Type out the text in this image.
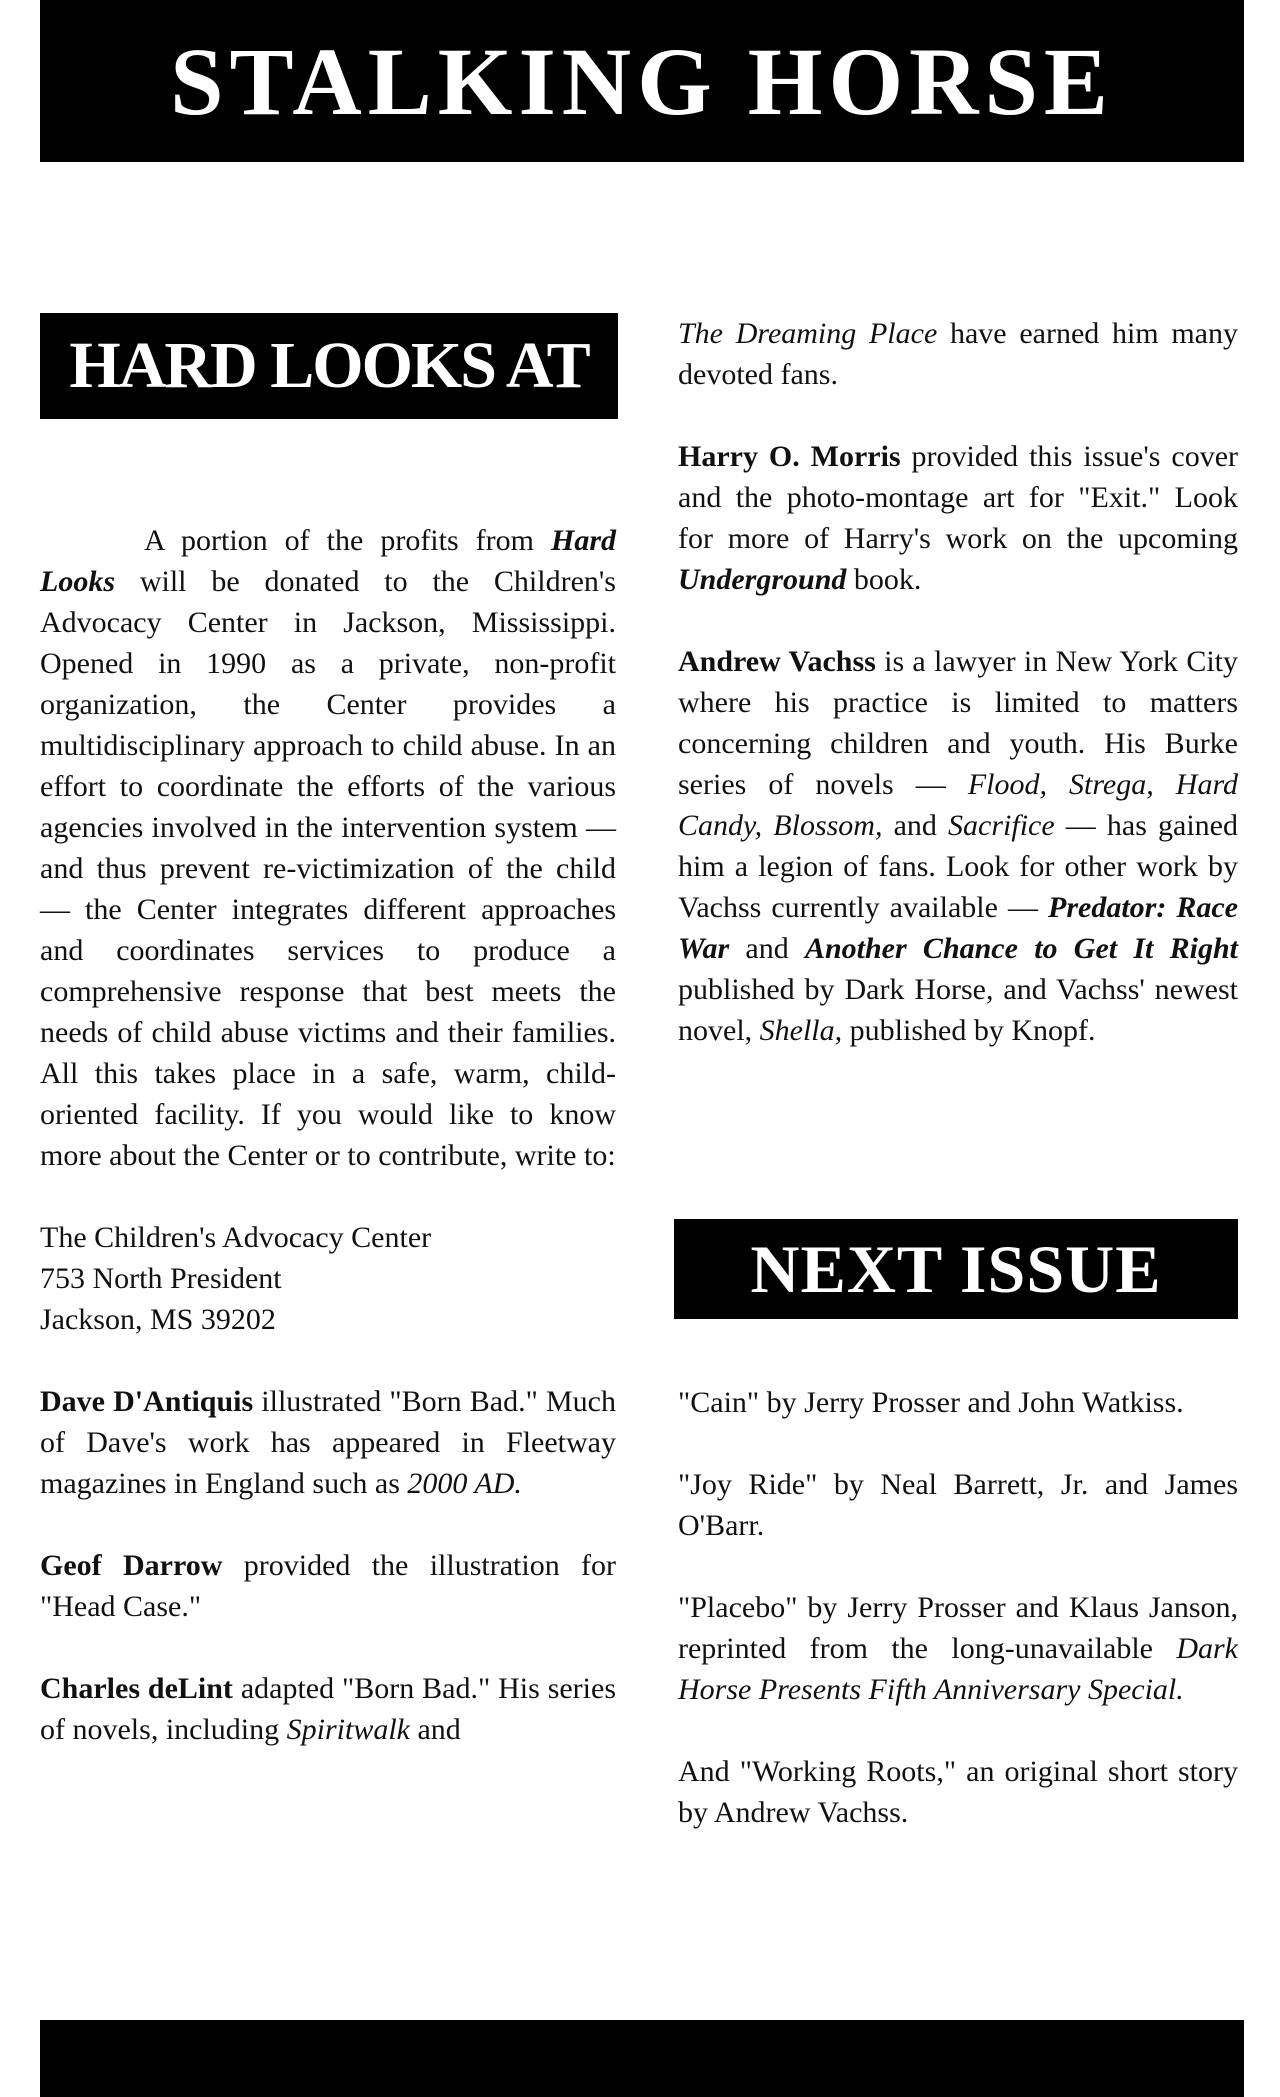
STALKING HORSE
HARD LOOKS AT

A portion of the profits from Hard Looks will be donated to the Children's Advocacy Center in Jackson, Mississippi. Opened in 1990 as a private, non-profit organization, the Center provides a multidisciplinary approach to child abuse. In an effort to coordinate the efforts of the various agencies involved in the intervention system — and thus prevent re-victimization of the child — the Center integrates different approaches and coordinates services to produce a comprehensive response that best meets the needs of child abuse victims and their families. All this takes place in a safe, warm, child-oriented facility. If you would like to know more about the Center or to contribute, write to:

The Children's Advocacy Center
753 North President
Jackson, MS 39202

Dave D'Antiquis illustrated "Born Bad." Much of Dave's work has appeared in Fleetway magazines in England such as 2000 AD.

Geof Darrow provided the illustration for "Head Case."

Charles deLint adapted "Born Bad." His series of novels, including Spiritwalk and

The Dreaming Place have earned him many devoted fans.

Harry O. Morris provided this issue's cover and the photo-montage art for "Exit." Look for more of Harry's work on the upcoming Underground book.

Andrew Vachss is a lawyer in New York City where his practice is limited to matters concerning children and youth. His Burke series of novels — Flood, Strega, Hard Candy, Blossom, and Sacrifice — has gained him a legion of fans. Look for other work by Vachss currently available — Predator: Race War and Another Chance to Get It Right published by Dark Horse, and Vachss' newest novel, Shella, published by Knopf.

NEXT ISSUE

"Cain" by Jerry Prosser and John Watkiss.

"Joy Ride" by Neal Barrett, Jr. and James O'Barr.

"Placebo" by Jerry Prosser and Klaus Janson, reprinted from the long-unavailable Dark Horse Presents Fifth Anniversary Special.

And "Working Roots," an original short story by Andrew Vachss.
